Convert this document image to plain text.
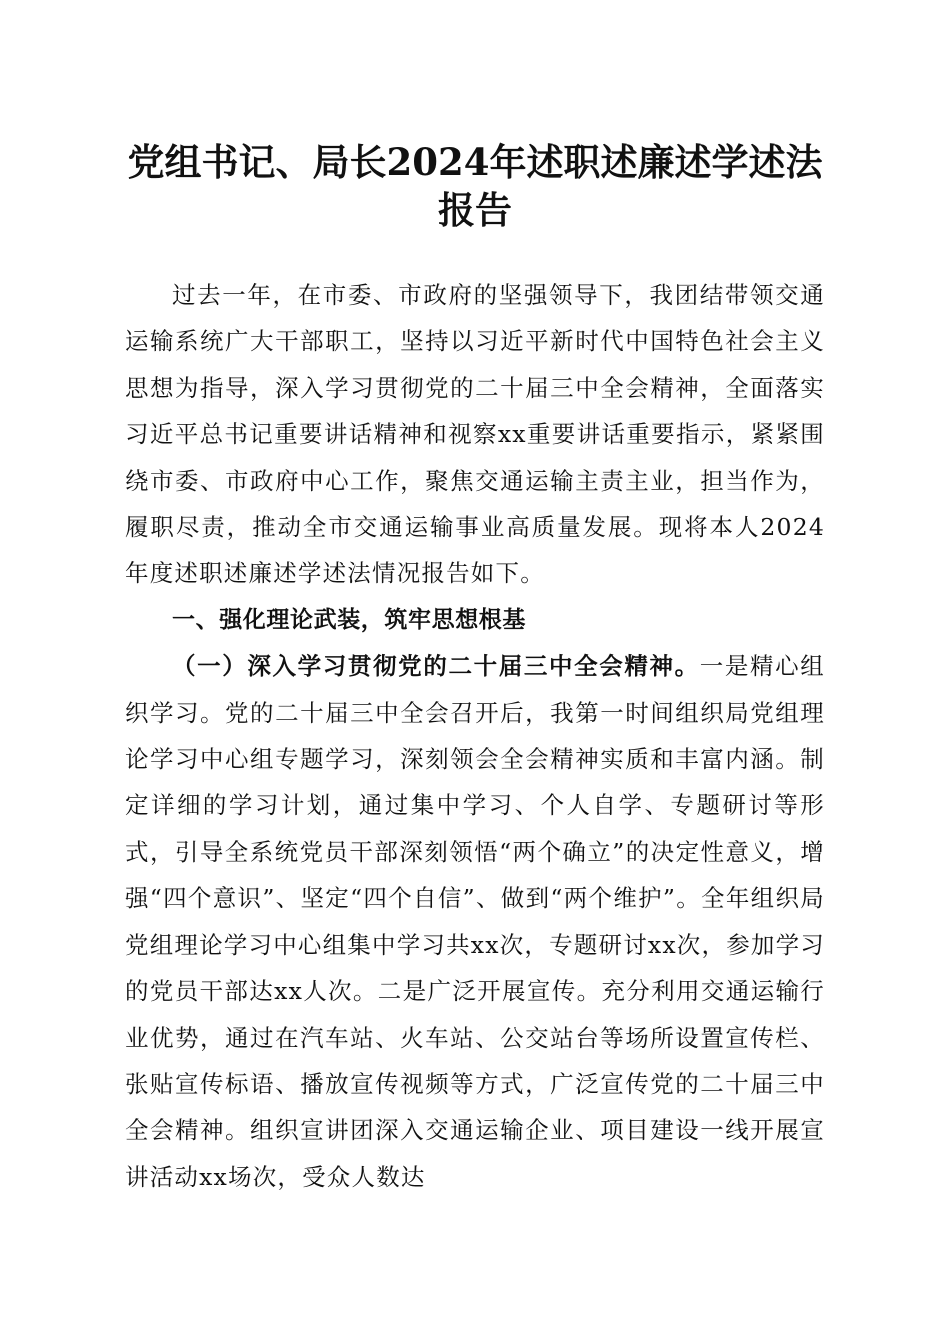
党组书记、局长2024年述职述廉述学述法报告

过去一年，在市委、市政府的坚强领导下，我团结带领交通运输系统广大干部职工，坚持以习近平新时代中国特色社会主义思想为指导，深入学习贯彻党的二十届三中全会精神，全面落实习近平总书记重要讲话精神和视察xx重要讲话重要指示，紧紧围绕市委、市政府中心工作，聚焦交通运输主责主业，担当作为，履职尽责，推动全市交通运输事业高质量发展。现将本人2024年度述职述廉述学述法情况报告如下。

一、强化理论武装，筑牢思想根基

（一）深入学习贯彻党的二十届三中全会精神。一是精心组织学习。党的二十届三中全会召开后，我第一时间组织局党组理论学习中心组专题学习，深刻领会全会精神实质和丰富内涵。制定详细的学习计划，通过集中学习、个人自学、专题研讨等形式，引导全系统党员干部深刻领悟“两个确立”的决定性意义，增强“四个意识”、坚定“四个自信”、做到“两个维护”。全年组织局党组理论学习中心组集中学习共xx次，专题研讨xx次，参加学习的党员干部达xx人次。二是广泛开展宣传。充分利用交通运输行业优势，通过在汽车站、火车站、公交站台等场所设置宣传栏、张贴宣传标语、播放宣传视频等方式，广泛宣传党的二十届三中全会精神。组织宣讲团深入交通运输企业、项目建设一线开展宣讲活动xx场次，受众人数达
